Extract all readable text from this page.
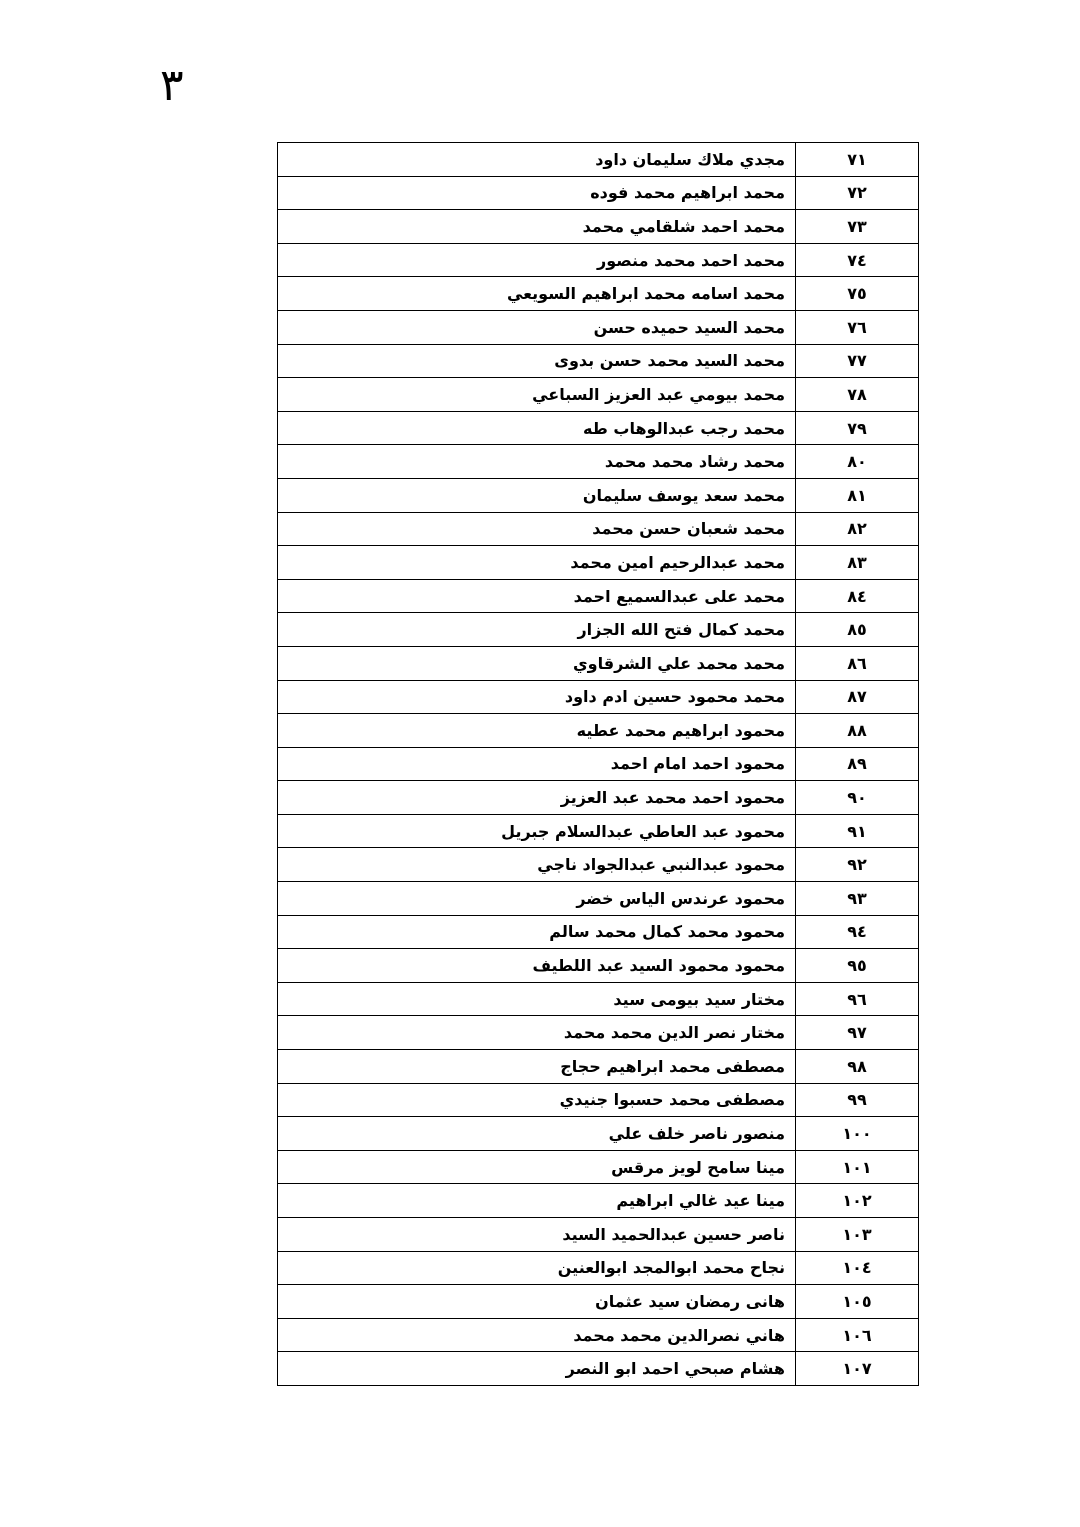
٣
٧١	مجدي ملاك سليمان داود
٧٢	محمد ابراهيم محمد فوده
٧٣	محمد احمد شلقامي محمد
٧٤	محمد احمد محمد منصور
٧٥	محمد اسامه محمد ابراهيم السويعي
٧٦	محمد السيد حميده حسن
٧٧	محمد السيد محمد حسن بدوى
٧٨	محمد بيومي عبد العزيز السباعي
٧٩	محمد رجب عبدالوهاب طه
٨٠	محمد رشاد محمد محمد
٨١	محمد سعد يوسف سليمان
٨٢	محمد شعبان حسن محمد
٨٣	محمد عبدالرحيم امين محمد
٨٤	محمد على عبدالسميع احمد
٨٥	محمد كمال فتح الله الجزار
٨٦	محمد محمد علي الشرقاوي
٨٧	محمد محمود حسين ادم داود
٨٨	محمود ابراهيم محمد عطيه
٨٩	محمود احمد امام احمد
٩٠	محمود احمد محمد عبد العزيز
٩١	محمود عبد العاطي عبدالسلام جبريل
٩٢	محمود عبدالنبي عبدالجواد ناجي
٩٣	محمود عرندس الياس خضر
٩٤	محمود محمد كمال محمد سالم
٩٥	محمود محمود السيد عبد اللطيف
٩٦	مختار سيد بيومى سيد
٩٧	مختار نصر الدين محمد محمد
٩٨	مصطفى محمد ابراهيم حجاج
٩٩	مصطفى محمد حسبوا جنيدي
١٠٠	منصور ناصر خلف علي
١٠١	مينا سامح لويز مرقس
١٠٢	مينا عيد غالي ابراهيم
١٠٣	ناصر حسين عبدالحميد السيد
١٠٤	نجاح محمد ابوالمجد ابوالعنين
١٠٥	هانى رمضان سيد عثمان
١٠٦	هاني نصرالدين محمد محمد
١٠٧	هشام صبحي احمد ابو النصر
